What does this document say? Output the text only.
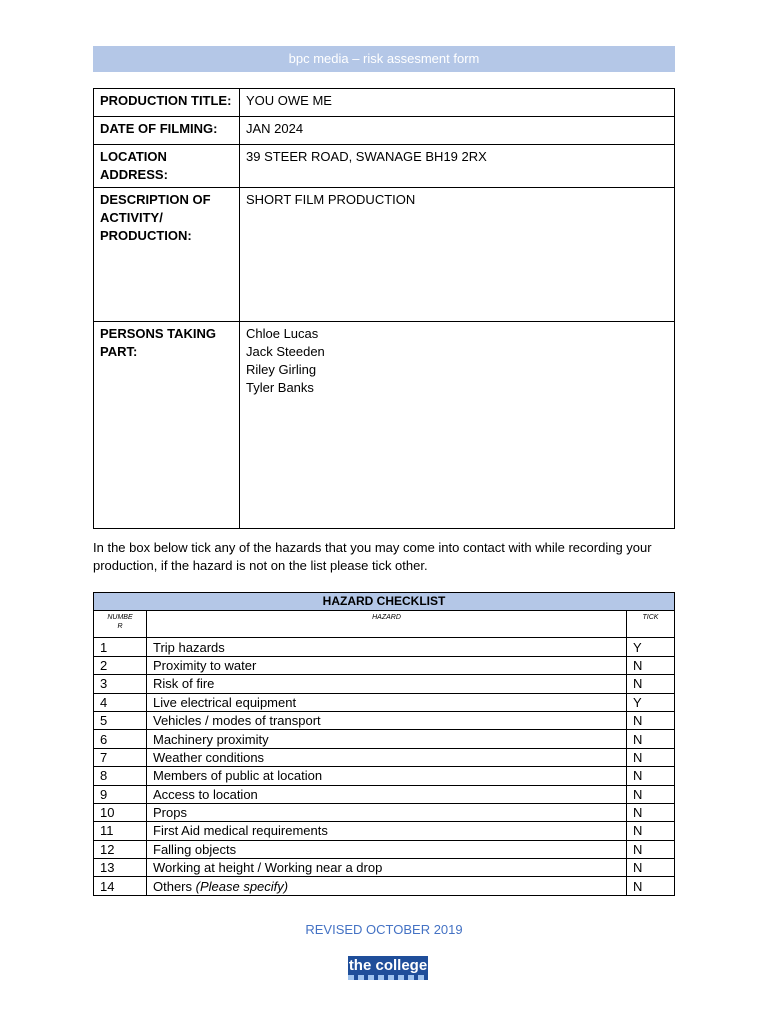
bpc media – risk assesment form
PRODUCTION TITLE:	YOU OWE ME
DATE OF FILMING:	JAN 2024
LOCATION ADDRESS:	39 STEER ROAD, SWANAGE BH19 2RX
DESCRIPTION OF ACTIVITY/ PRODUCTION:	SHORT FILM PRODUCTION
PERSONS TAKING PART:	Chloe Lucas
Jack Steeden
Riley Girling
Tyler Banks
In the box below tick any of the hazards that you may come into contact with while recording your production, if the hazard is not on the list please tick other.
HAZARD CHECKLIST		
NUMBER	HAZARD	TICK
1	Trip hazards	Y
2	Proximity to water	N
3	Risk of fire	N
4	Live electrical equipment	Y
5	Vehicles / modes of transport	N
6	Machinery proximity	N
7	Weather conditions	N
8	Members of public at location	N
9	Access to location	N
10	Props	N
11	First Aid medical requirements	N
12	Falling objects	N
13	Working at height / Working near a drop	N
14	Others (Please specify)	N
REVISED OCTOBER 2019
the college
